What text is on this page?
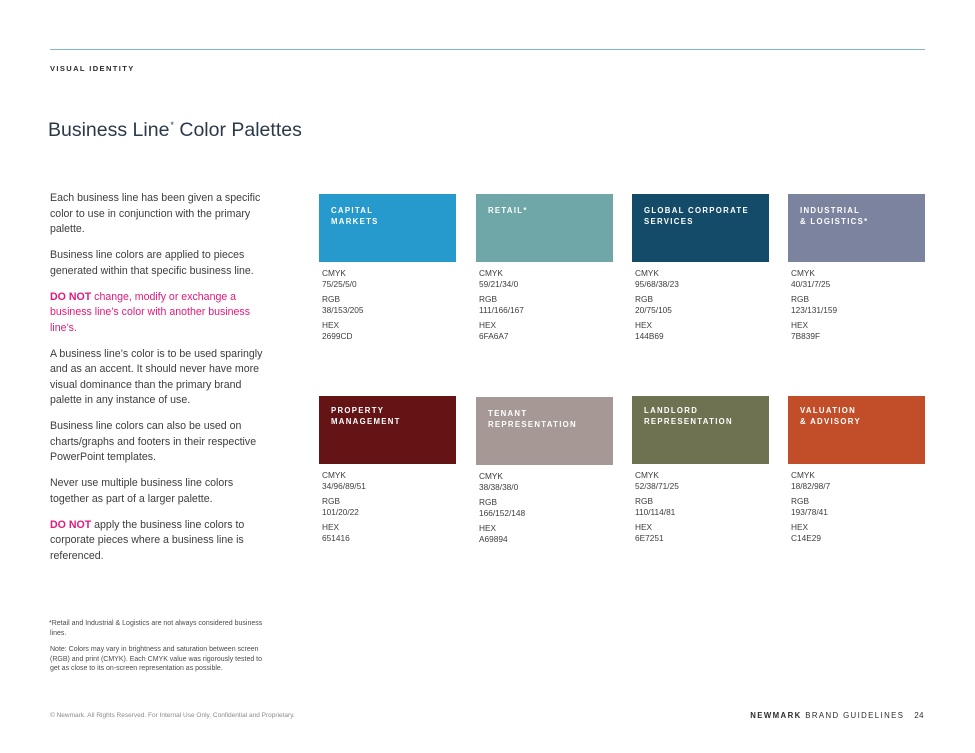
VISUAL IDENTITY
Business Line* Color Palettes

Each business line has been given a specific color to use in conjunction with the primary palette.

Business line colors are applied to pieces generated within that specific business line.

DO NOT change, modify or exchange a business line’s color with another business line’s.

A business line’s color is to be used sparingly and as an accent. It should never have more visual dominance than the primary brand palette in any instance of use.

Business line colors can also be used on charts/graphs and footers in their respective PowerPoint templates.

Never use multiple business line colors together as part of a larger palette.

DO NOT apply the business line colors to corporate pieces where a business line is referenced.

CAPITAL
MARKETS
CMYK
75/25/5/0
RGB
38/153/205
HEX
2699CD
RETAIL*

CMYK
59/21/34/0
RGB
111/166/167
HEX
6FA6A7
GLOBAL CORPORATE
SERVICES
CMYK
95/68/38/23
RGB
20/75/105
HEX
144B69
INDUSTRIAL
& LOGISTICS*
CMYK
40/31/7/25
RGB
123/131/159
HEX
7B839F
PROPERTY
MANAGEMENT
CMYK
34/96/89/51
RGB
101/20/22
HEX
651416
TENANT
REPRESENTATION
CMYK
38/38/38/0
RGB
166/152/148
HEX
A69894
LANDLORD
REPRESENTATION
CMYK
52/38/71/25
RGB
110/114/81
HEX
6E7251
VALUATION
& ADVISORY
CMYK
18/82/98/7
RGB
193/78/41
HEX
C14E29
*Retail and Industrial & Logistics are not always considered business lines.
Note: Colors may vary in brightness and saturation between screen (RGB) and print (CMYK). Each CMYK value was rigorously tested to get as close to its on-screen representation as possible.
© Newmark. All Rights Reserved. For Internal Use Only. Confidential and Proprietary.	NEWMARK BRAND GUIDELINES 24
